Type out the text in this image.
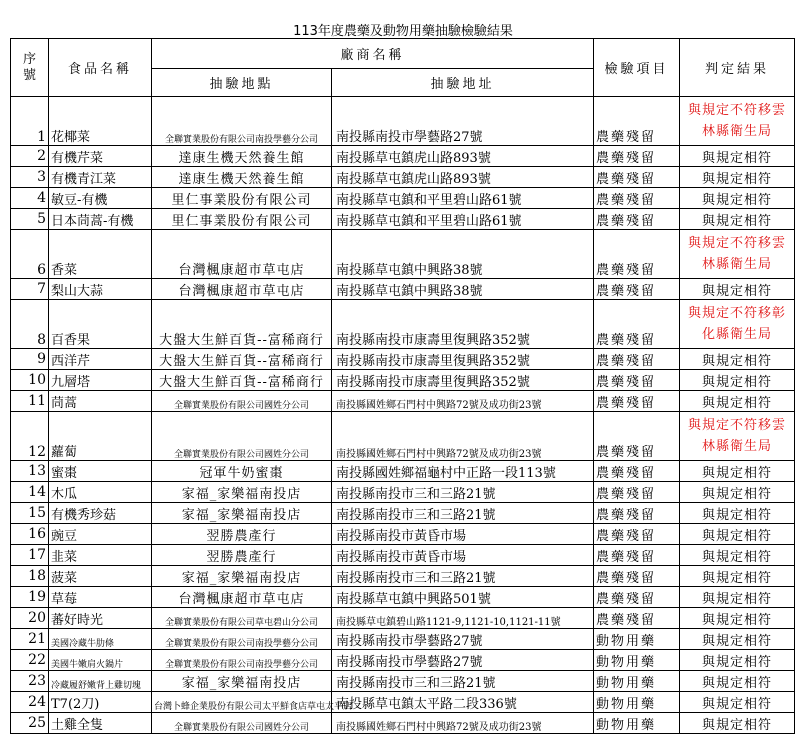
113年度農藥及動物用藥抽驗檢驗結果
序號	食品名稱	廠商名稱		檢驗項目	判定結果
		抽驗地點	抽驗地址		
1	花椰菜	全聯實業股份有限公司南投學藝分公司	南投縣南投市學藝路27號	農藥殘留	與規定不符移雲林縣衛生局
2	有機芹菜	達康生機天然養生館	南投縣草屯鎮虎山路893號	農藥殘留	與規定相符
3	有機青江菜	達康生機天然養生館	南投縣草屯鎮虎山路893號	農藥殘留	與規定相符
4	敏豆-有機	里仁事業股份有限公司	南投縣草屯鎮和平里碧山路61號	農藥殘留	與規定相符
5	日本茼蒿-有機	里仁事業股份有限公司	南投縣草屯鎮和平里碧山路61號	農藥殘留	與規定相符
6	香菜	台灣楓康超市草屯店	南投縣草屯鎮中興路38號	農藥殘留	與規定不符移雲林縣衛生局
7	梨山大蒜	台灣楓康超市草屯店	南投縣草屯鎮中興路38號	農藥殘留	與規定相符
8	百香果	大盤大生鮮百貨--富稀商行	南投縣南投市康壽里復興路352號	農藥殘留	與規定不符移彰化縣衛生局
9	西洋芹	大盤大生鮮百貨--富稀商行	南投縣南投市康壽里復興路352號	農藥殘留	與規定相符
10	九層塔	大盤大生鮮百貨--富稀商行	南投縣南投市康壽里復興路352號	農藥殘留	與規定相符
11	茼蒿	全聯實業股份有限公司國姓分公司	南投縣國姓鄉石門村中興路72號及成功街23號	農藥殘留	與規定相符
12	蘿蔔	全聯實業股份有限公司國姓分公司	南投縣國姓鄉石門村中興路72號及成功街23號	農藥殘留	與規定不符移雲林縣衛生局
13	蜜棗	冠軍牛奶蜜棗	南投縣國姓鄉福龜村中正路一段113號	農藥殘留	與規定相符
14	木瓜	家福_家樂福南投店	南投縣南投市三和三路21號	農藥殘留	與規定相符
15	有機秀珍菇	家福_家樂福南投店	南投縣南投市三和三路21號	農藥殘留	與規定相符
16	豌豆	翌勝農產行	南投縣南投市黃昏市場	農藥殘留	與規定相符
17	韭菜	翌勝農產行	南投縣南投市黃昏市場	農藥殘留	與規定相符
18	菠菜	家福_家樂福南投店	南投縣南投市三和三路21號	農藥殘留	與規定相符
19	草莓	台灣楓康超市草屯店	南投縣草屯鎮中興路501號	農藥殘留	與規定相符
20	蕃好時光	全聯實業股份有限公司草屯碧山分公司	南投縣草屯鎮碧山路1121-9,1121-10,1121-11號	農藥殘留	與規定相符
21	美國冷藏牛肋條	全聯實業股份有限公司南投學藝分公司	南投縣南投市學藝路27號	動物用藥	與規定相符
22	美國牛嫩肩火鍋片	全聯實業股份有限公司南投學藝分公司	南投縣南投市學藝路27號	動物用藥	與規定相符
23	冷藏履舒嫩背上雞切塊	家福_家樂福南投店	南投縣南投市三和三路21號	動物用藥	與規定相符
24	T7(2刀)	台灣卜蜂企業股份有限公司太平鮮食店草屯太平店	南投縣草屯鎮太平路二段336號	動物用藥	與規定相符
25	土雞全隻	全聯實業股份有限公司國姓分公司	南投縣國姓鄉石門村中興路72號及成功街23號	動物用藥	與規定相符
